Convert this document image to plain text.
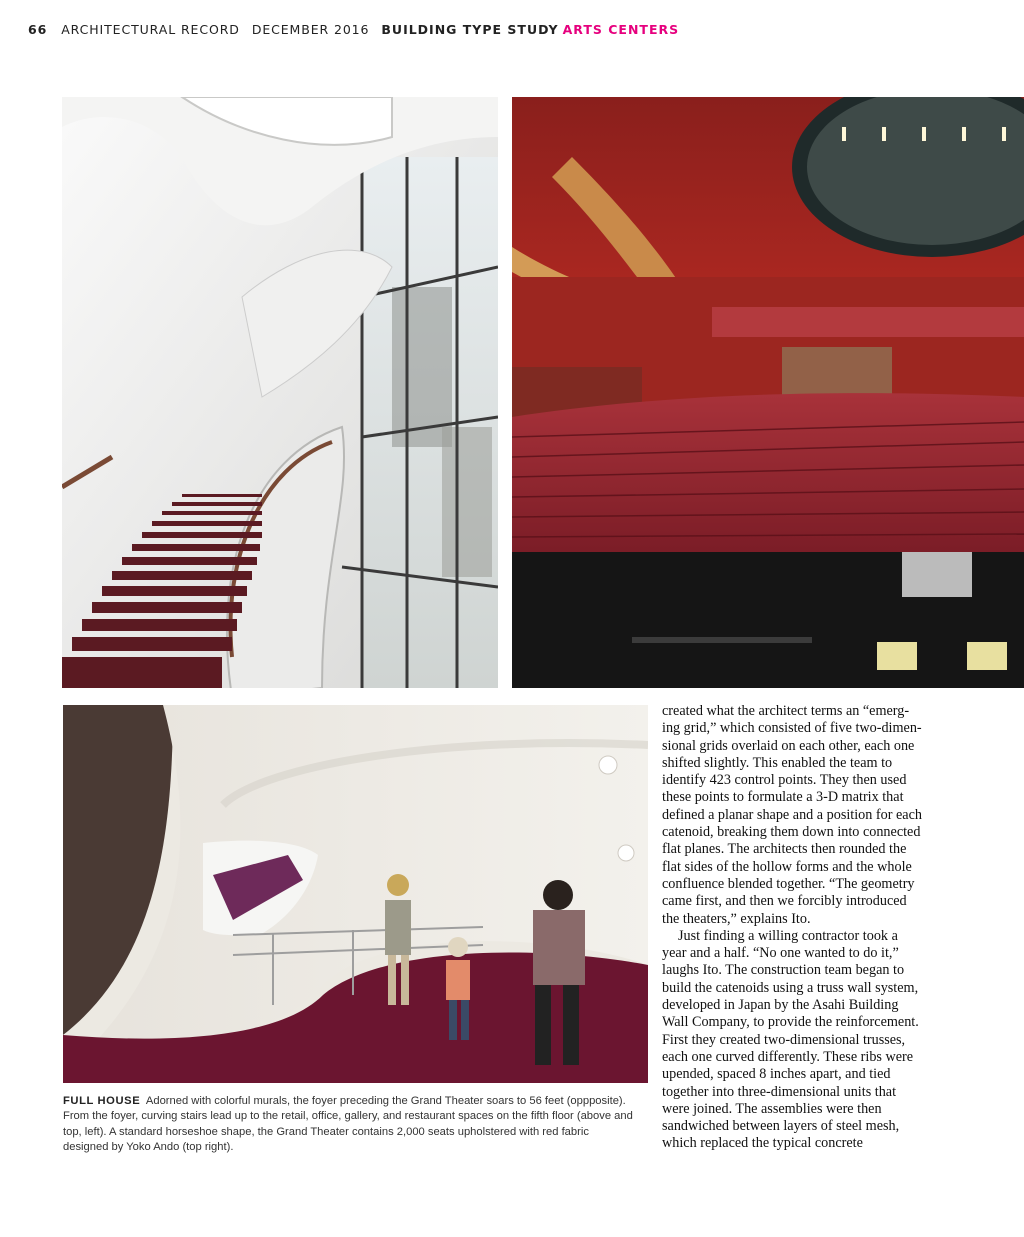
66 ARCHITECTURAL RECORD DECEMBER 2016 BUILDING TYPE STUDY ARTS CENTERS
FULL HOUSE Adorned with colorful murals, the foyer preceding the Grand Theater soars to 56 feet (oppposite).
From the foyer, curving stairs lead up to the retail, office, gallery, and restaurant spaces on the fifth floor (above and
top, left). A standard horseshoe shape, the Grand Theater contains 2,000 seats upholstered with red fabric
designed by Yoko Ando (top right).

created what the architect terms an “emerg-
ing grid,” which consisted of five two-dimen-
sional grids overlaid on each other, each one
shifted slightly. This enabled the team to
identify 423 control points. They then used
these points to formulate a 3-D matrix that
defined a planar shape and a position for each
catenoid, breaking them down into connected
flat planes. The architects then rounded the
flat sides of the hollow forms and the whole
confluence blended together. “The geometry
came first, and then we forcibly introduced
the theaters,” explains Ito.

Just finding a willing contractor took a
year and a half. “No one wanted to do it,”
laughs Ito. The construction team began to
build the catenoids using a truss wall system,
developed in Japan by the Asahi Building
Wall Company, to provide the reinforcement.
First they created two-dimensional trusses,
each one curved differently. These ribs were
upended, spaced 8 inches apart, and tied
together into three-dimensional units that
were joined. The assemblies were then
sandwiched between layers of steel mesh,
which replaced the typical concrete
